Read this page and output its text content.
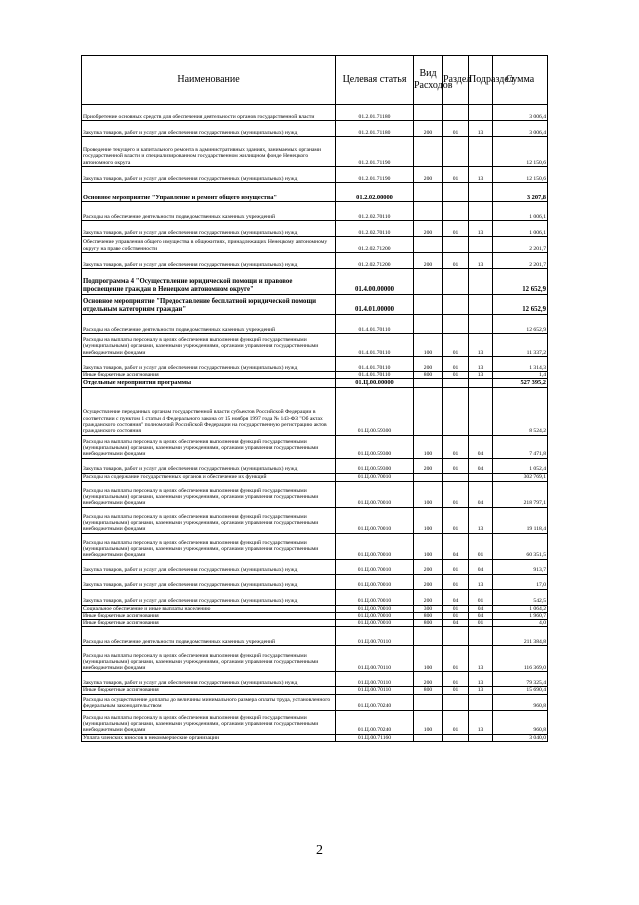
Наименование	Целевая статья	Вид Расходов	Раздел	Подраздел	Сумма
Приобретение основных средств для обеспечения деятельности органов государственной власти	01.2.01.71180				3 006,4
Закупка товаров, работ и услуг для обеспечения государственных (муниципальных) нужд	01.2.01.71180	200	01	13	3 006,4
Проведение текущего и капитального ремонта в административных зданиях, занимаемых органами государственной власти и специализированном государственном жилищном фонде Ненецкого автономного округа	01.2.01.71190				12 150,6
Закупка товаров, работ и услуг для обеспечения государственных (муниципальных) нужд	01.2.01.71190	200	01	13	12 150,6
Основное мероприятие "Управление и ремонт общего имущества"	01.2.02.00000				3 207,8
Расходы на обеспечение деятельности подведомственных казенных учреждений	01.2.02.70110				1 006,1
Закупка товаров, работ и услуг для обеспечения государственных (муниципальных) нужд	01.2.02.70110	200	01	13	1 006,1
Обеспечение управления общего имущества в общежитиях, принадлежащих Ненецкому автономному округу на праве собственности	01.2.02.71200				2 201,7
Закупка товаров, работ и услуг для обеспечения государственных (муниципальных) нужд	01.2.02.71200	200	01	13	2 201,7
Подпрограмма 4 "Осуществление юридической помощи и правовое просвещение граждан в Ненецком автономном округе"	01.4.00.00000				12 652,9
Основное мероприятие "Предоставление бесплатной юридической помощи отдельным категориям граждан"	01.4.01.00000				12 652,9
Расходы на обеспечение деятельности подведомственных казенных учреждений	01.4.01.70110				12 652,9
Расходы на выплаты персоналу в целях обеспечения выполнения функций государственными (муниципальными) органами, казенными учреждениями, органами управления государственными внебюджетными фондами	01.4.01.70110	100	01	13	11 337,2
Закупка товаров, работ и услуг для обеспечения государственных (муниципальных) нужд	01.4.01.70110	200	01	13	1 314,3
Иные бюджетные ассигнования	01.4.01.70110	800	01	13	1,4
Отдельные мероприятия программы	01.Ц.00.00000				527 395,2
Осуществление переданных органам государственной власти субъектов Российской Федерации в соответствии с пунктом 1 статьи 4 Федерального закона от 15 ноября 1997 года № 143-ФЗ "Об актах гражданского состояния" полномочий Российской Федерации на государственную регистрацию актов гражданского состояния	01.Ц.00.59300				8 524,2
Расходы на выплаты персоналу в целях обеспечения выполнения функций государственными (муниципальными) органами, казенными учреждениями, органами управления государственными внебюджетными фондами	01.Ц.00.59300	100	01	04	7 471,8
Закупка товаров, работ и услуг для обеспечения государственных (муниципальных) нужд	01.Ц.00.59300	200	01	04	1 052,4
Расходы на содержание государственных органов и обеспечение их функций	01.Ц.00.70010				302 769,1
Расходы на выплаты персоналу в целях обеспечения выполнения функций государственными (муниципальными) органами, казенными учреждениями, органами управления государственными внебюджетными фондами	01.Ц.00.70010	100	01	04	218 797,1
Расходы на выплаты персоналу в целях обеспечения выполнения функций государственными (муниципальными) органами, казенными учреждениями, органами управления государственными внебюджетными фондами	01.Ц.00.70010	100	01	13	19 118,4
Расходы на выплаты персоналу в целях обеспечения выполнения функций государственными (муниципальными) органами, казенными учреждениями, органами управления государственными внебюджетными фондами	01.Ц.00.70010	100	04	01	60 351,5
Закупка товаров, работ и услуг для обеспечения государственных (муниципальных) нужд	01.Ц.00.70010	200	01	04	913,7
Закупка товаров, работ и услуг для обеспечения государственных (муниципальных) нужд	01.Ц.00.70010	200	01	13	17,0
Закупка товаров, работ и услуг для обеспечения государственных (муниципальных) нужд	01.Ц.00.70010	200	04	01	542,5
Социальное обеспечение и иные выплаты населению	01.Ц.00.70010	300	01	04	1 064,2
Иные бюджетные ассигнования	01.Ц.00.70010	800	01	04	1 960,7
Иные бюджетные ассигнования	01.Ц.00.70010	800	04	01	4,0
Расходы на обеспечение деятельности подведомственных казенных учреждений	01.Ц.00.70110				211 384,8
Расходы на выплаты персоналу в целях обеспечения выполнения функций государственными (муниципальными) органами, казенными учреждениями, органами управления государственными внебюджетными фондами	01.Ц.00.70110	100	01	13	116 369,0
Закупка товаров, работ и услуг для обеспечения государственных (муниципальных) нужд	01.Ц.00.70110	200	01	13	79 325,4
Иные бюджетные ассигнования	01.Ц.00.70110	800	01	13	15 690,4
Расходы на осуществление доплаты до величины минимального размера оплаты труда, установленного федеральным законодательством	01.Ц.00.70240				960,8
Расходы на выплаты персоналу в целях обеспечения выполнения функций государственными (муниципальными) органами, казенными учреждениями, органами управления государственными внебюджетными фондами	01.Ц.00.70240	100	01	13	960,8
Уплата членских взносов в некоммерческие организации	01.Ц.00.71160				3 040,0
2
